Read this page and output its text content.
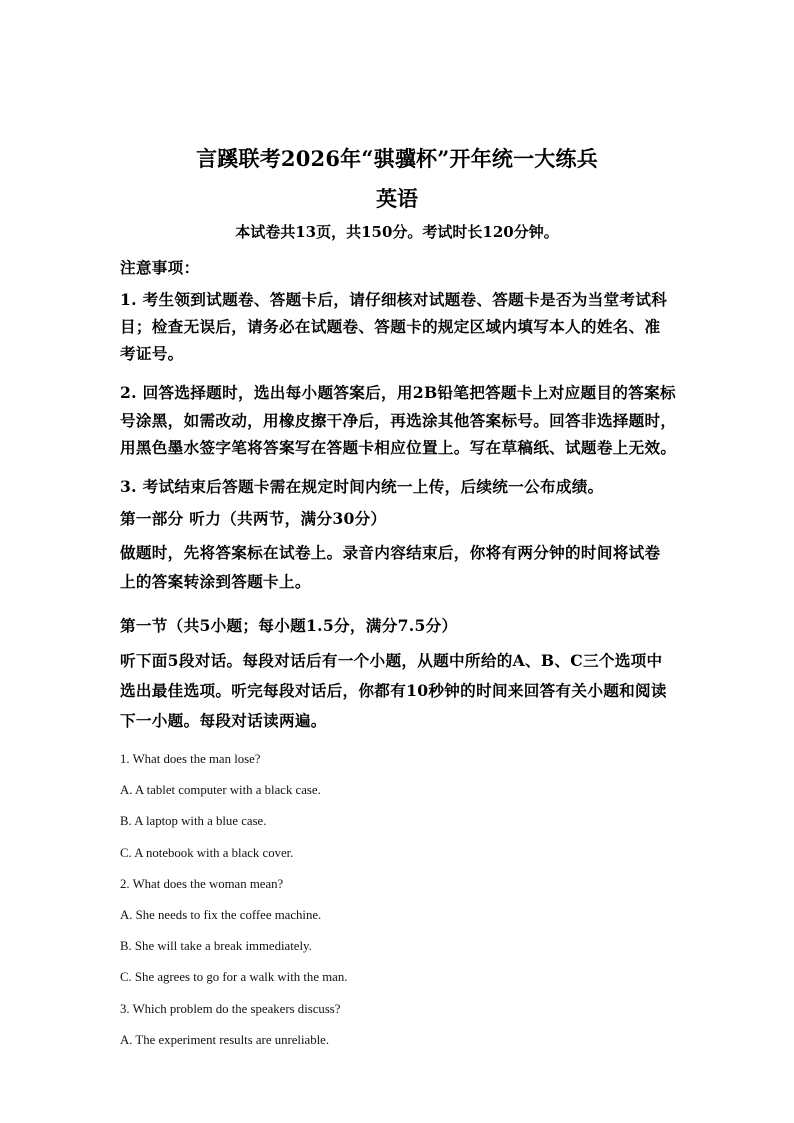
言蹊联考2026年“骐骥杯”开年统一大练兵
英语
本试卷共13页，共150分。考试时长120分钟。
注意事项：
1. 考生领到试题卷、答题卡后，请仔细核对试题卷、答题卡是否为当堂考试科
目；检查无误后，请务必在试题卷、答题卡的规定区域内填写本人的姓名、准
考证号。
2. 回答选择题时，选出每小题答案后，用2B铅笔把答题卡上对应题目的答案标
号涂黑，如需改动，用橡皮擦干净后，再选涂其他答案标号。回答非选择题时，
用黑色墨水签字笔将答案写在答题卡相应位置上。写在草稿纸、试题卷上无效。
3. 考试结束后答题卡需在规定时间内统一上传，后续统一公布成绩。
第一部分 听力（共两节，满分30分）
做题时，先将答案标在试卷上。录音内容结束后，你将有两分钟的时间将试卷
上的答案转涂到答题卡上。
第一节（共5小题；每小题1.5分，满分7.5分）
听下面5段对话。每段对话后有一个小题，从题中所给的A、B、C三个选项中
选出最佳选项。听完每段对话后，你都有10秒钟的时间来回答有关小题和阅读
下一小题。每段对话读两遍。
1. What does the man lose?
A. A tablet computer with a black case.
B. A laptop with a blue case.
C. A notebook with a black cover.
2. What does the woman mean?
A. She needs to fix the coffee machine.
B. She will take a break immediately.
C. She agrees to go for a walk with the man.
3. Which problem do the speakers discuss?
A. The experiment results are unreliable.
